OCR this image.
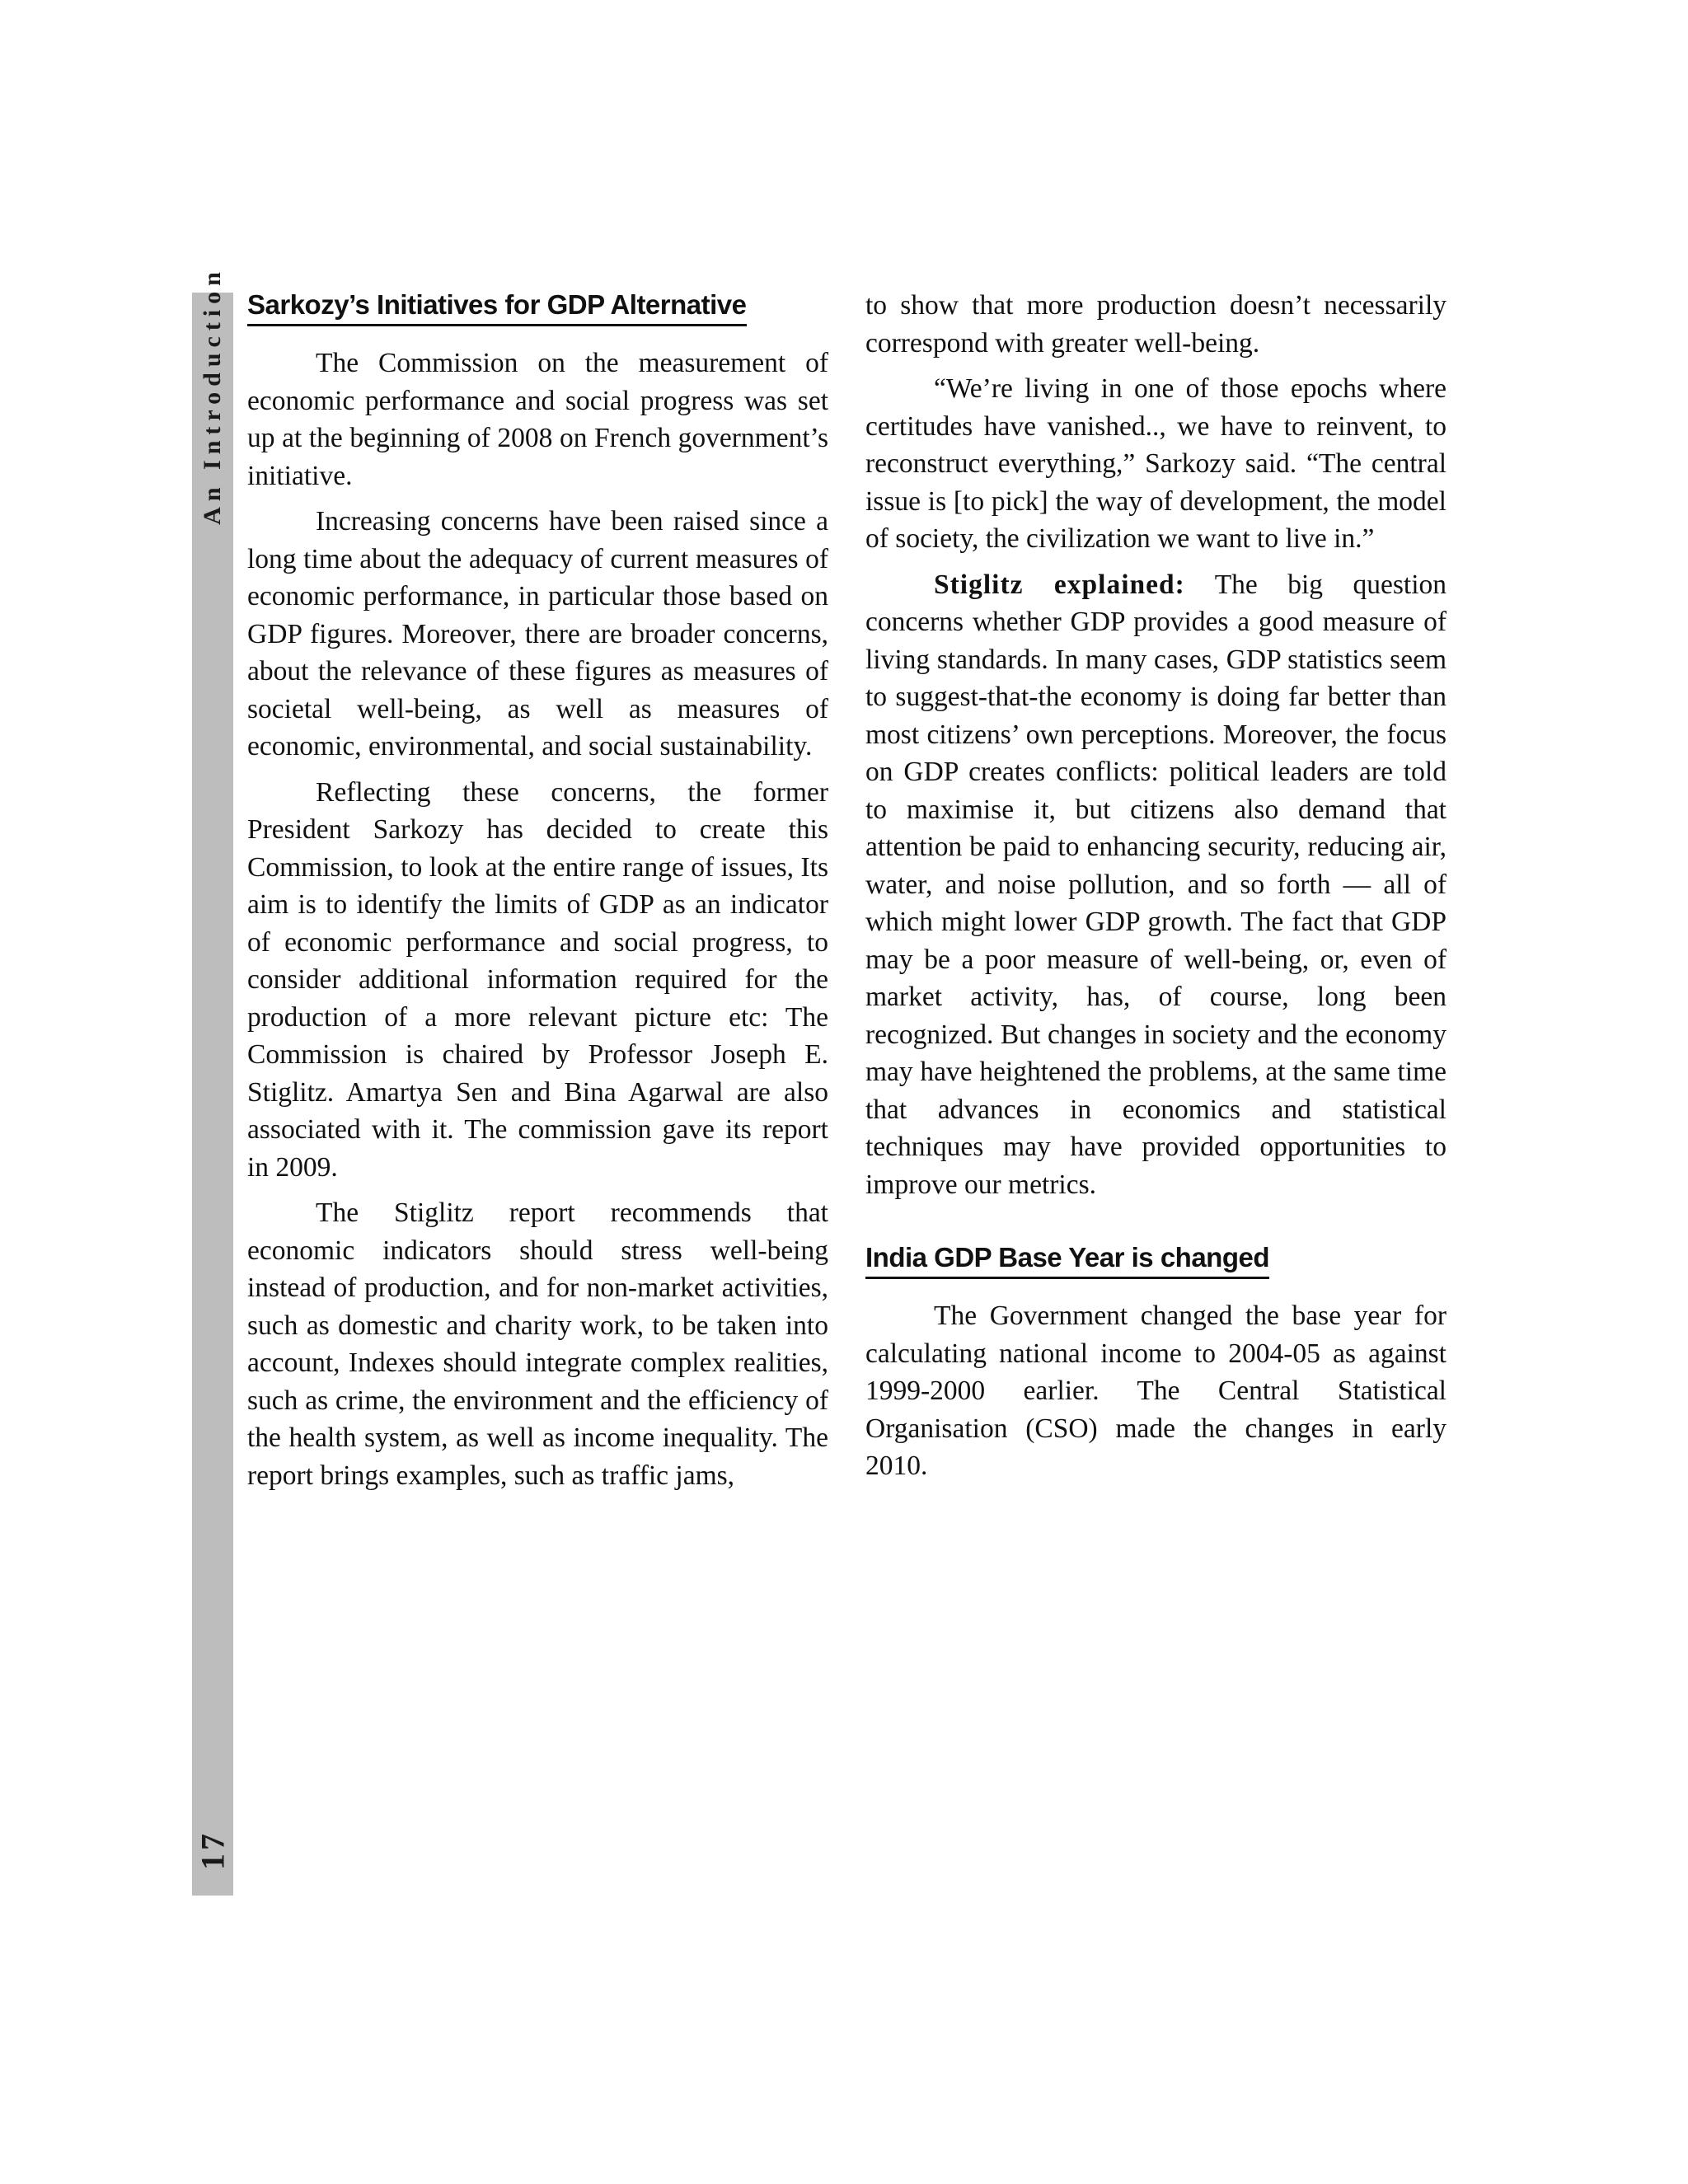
An Introduction
17
Sarkozy’s Initiatives for GDP Alternative

The Commission on the measurement of economic performance and social progress was set up at the beginning of 2008 on French government’s initiative.

Increasing concerns have been raised since a long time about the adequacy of current measures of economic performance, in particular those based on GDP figures. Moreover, there are broader concerns, about the relevance of these figures as measures of societal well-being, as well as measures of economic, environmental, and social sustainability.

Reflecting these concerns, the former President Sarkozy has decided to create this Commission, to look at the entire range of issues, Its aim is to identify the limits of GDP as an indicator of economic performance and social progress, to consider additional information required for the production of a more relevant picture etc: The Commission is chaired by Professor Joseph E. Stiglitz. Amartya Sen and Bina Agarwal are also associated with it. The commission gave its report in 2009.

The Stiglitz report recommends that economic indicators should stress well-being instead of production, and for non-market activities, such as domestic and charity work, to be taken into account, Indexes should integrate complex realities, such as crime, the environment and the efficiency of the health system, as well as income inequality. The report brings examples, such as traffic jams,

to show that more production doesn’t necessarily correspond with greater well-being.

“We’re living in one of those epochs where certitudes have vanished.., we have to reinvent, to reconstruct everything,” Sarkozy said. “The central issue is [to pick] the way of development, the model of society, the civilization we want to live in.”

Stiglitz explained: The big question concerns whether GDP provides a good measure of living standards. In many cases, GDP statistics seem to suggest-that-the economy is doing far better than most citizens’ own perceptions. Moreover, the focus on GDP creates conflicts: political leaders are told to maximise it, but citizens also demand that attention be paid to enhancing security, reducing air, water, and noise pollution, and so forth — all of which might lower GDP growth. The fact that GDP may be a poor measure of well-being, or, even of market activity, has, of course, long been recognized. But changes in society and the economy may have heightened the problems, at the same time that advances in economics and statistical techniques may have provided opportunities to improve our metrics.

India GDP Base Year is changed

The Government changed the base year for calculating national income to 2004-05 as against 1999-2000 earlier. The Central Statistical Organisation (CSO) made the changes in early 2010.
